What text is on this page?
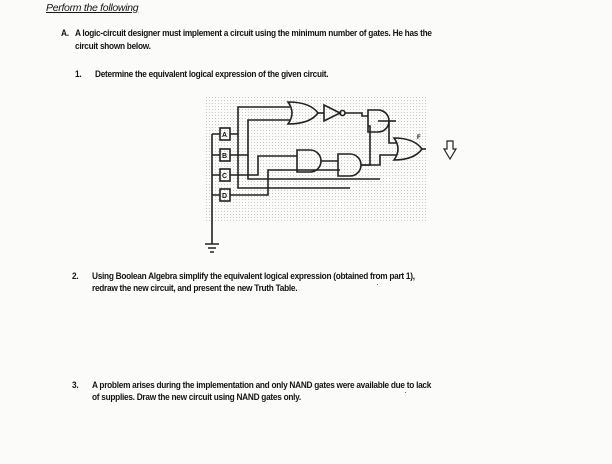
Perform the following
A. A logic-circuit designer must implement a circuit using the minimum number of gates. He has the
circuit shown below.
1. Determine the equivalent logical expression of the given circuit.
A
B
C
D
F
2. Using Boolean Algebra simplify the equivalent logical expression (obtained from part 1),
redraw the new circuit, and present the new Truth Table.	·
3. A problem arises during the implementation and only NAND gates were available due to lack
of supplies. Draw the new circuit using NAND gates only.	·
